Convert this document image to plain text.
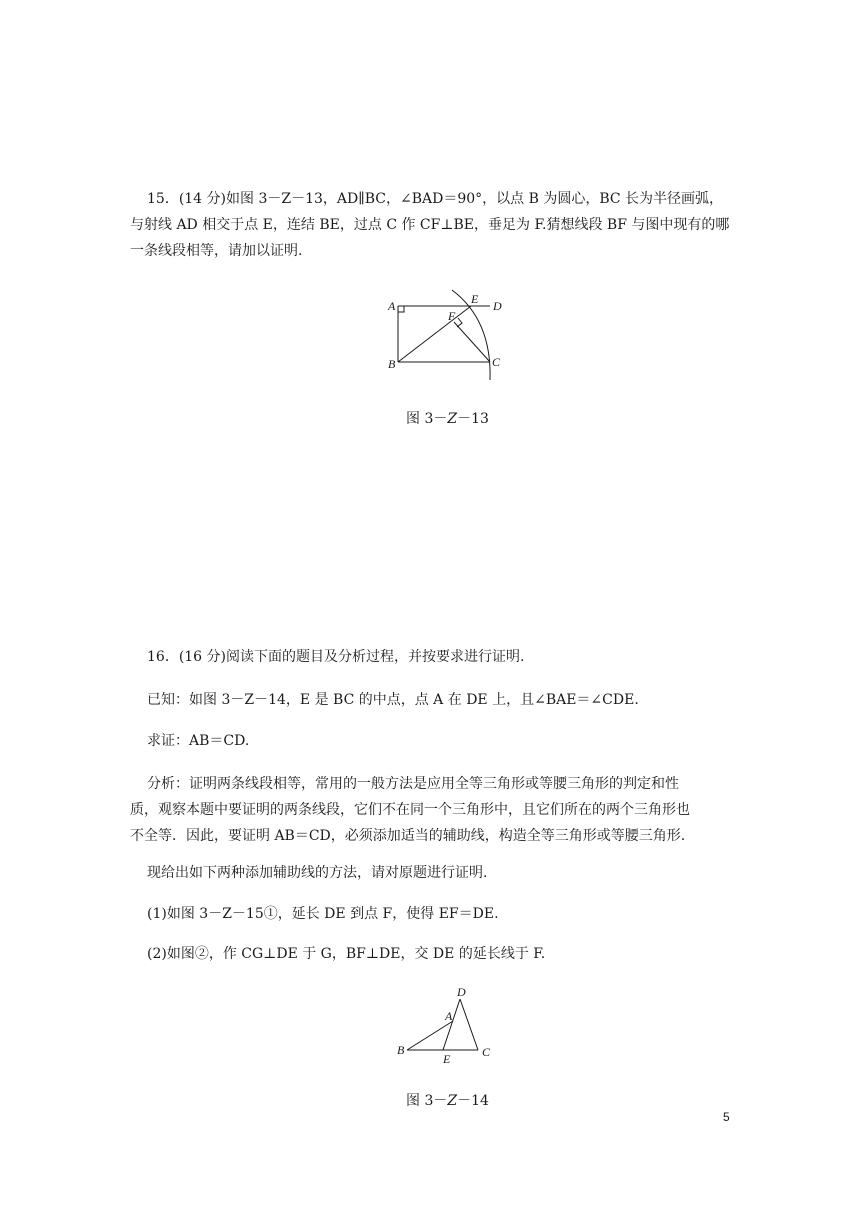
15．(14 分)如图 3－Z－13，AD∥BC，∠BAD＝90°，以点 B 为圆心，BC 长为半径画弧，
与射线 AD 相交于点 E，连结 BE，过点 C 作 CF⊥BE，垂足为 F.猜想线段 BF 与图中现有的哪
一条线段相等，请加以证明.
A
B	C
D
E
F
图 3－Z－13
16．(16 分)阅读下面的题目及分析过程，并按要求进行证明.
已知：如图 3－Z－14，E 是 BC 的中点，点 A 在 DE 上，且∠BAE＝∠CDE.
求证：AB＝CD.
分析：证明两条线段相等，常用的一般方法是应用全等三角形或等腰三角形的判定和性
质，观察本题中要证明的两条线段，它们不在同一个三角形中，且它们所在的两个三角形也
不全等．因此，要证明 AB＝CD，必须添加适当的辅助线，构造全等三角形或等腰三角形.
现给出如下两种添加辅助线的方法，请对原题进行证明.
(1)如图 3－Z－15①，延长 DE 到点 F，使得 EF＝DE.
(2)如图②，作 CG⊥DE 于 G，BF⊥DE，交 DE 的延长线于 F.
D
A
B
E	C
图 3－Z－14
5
